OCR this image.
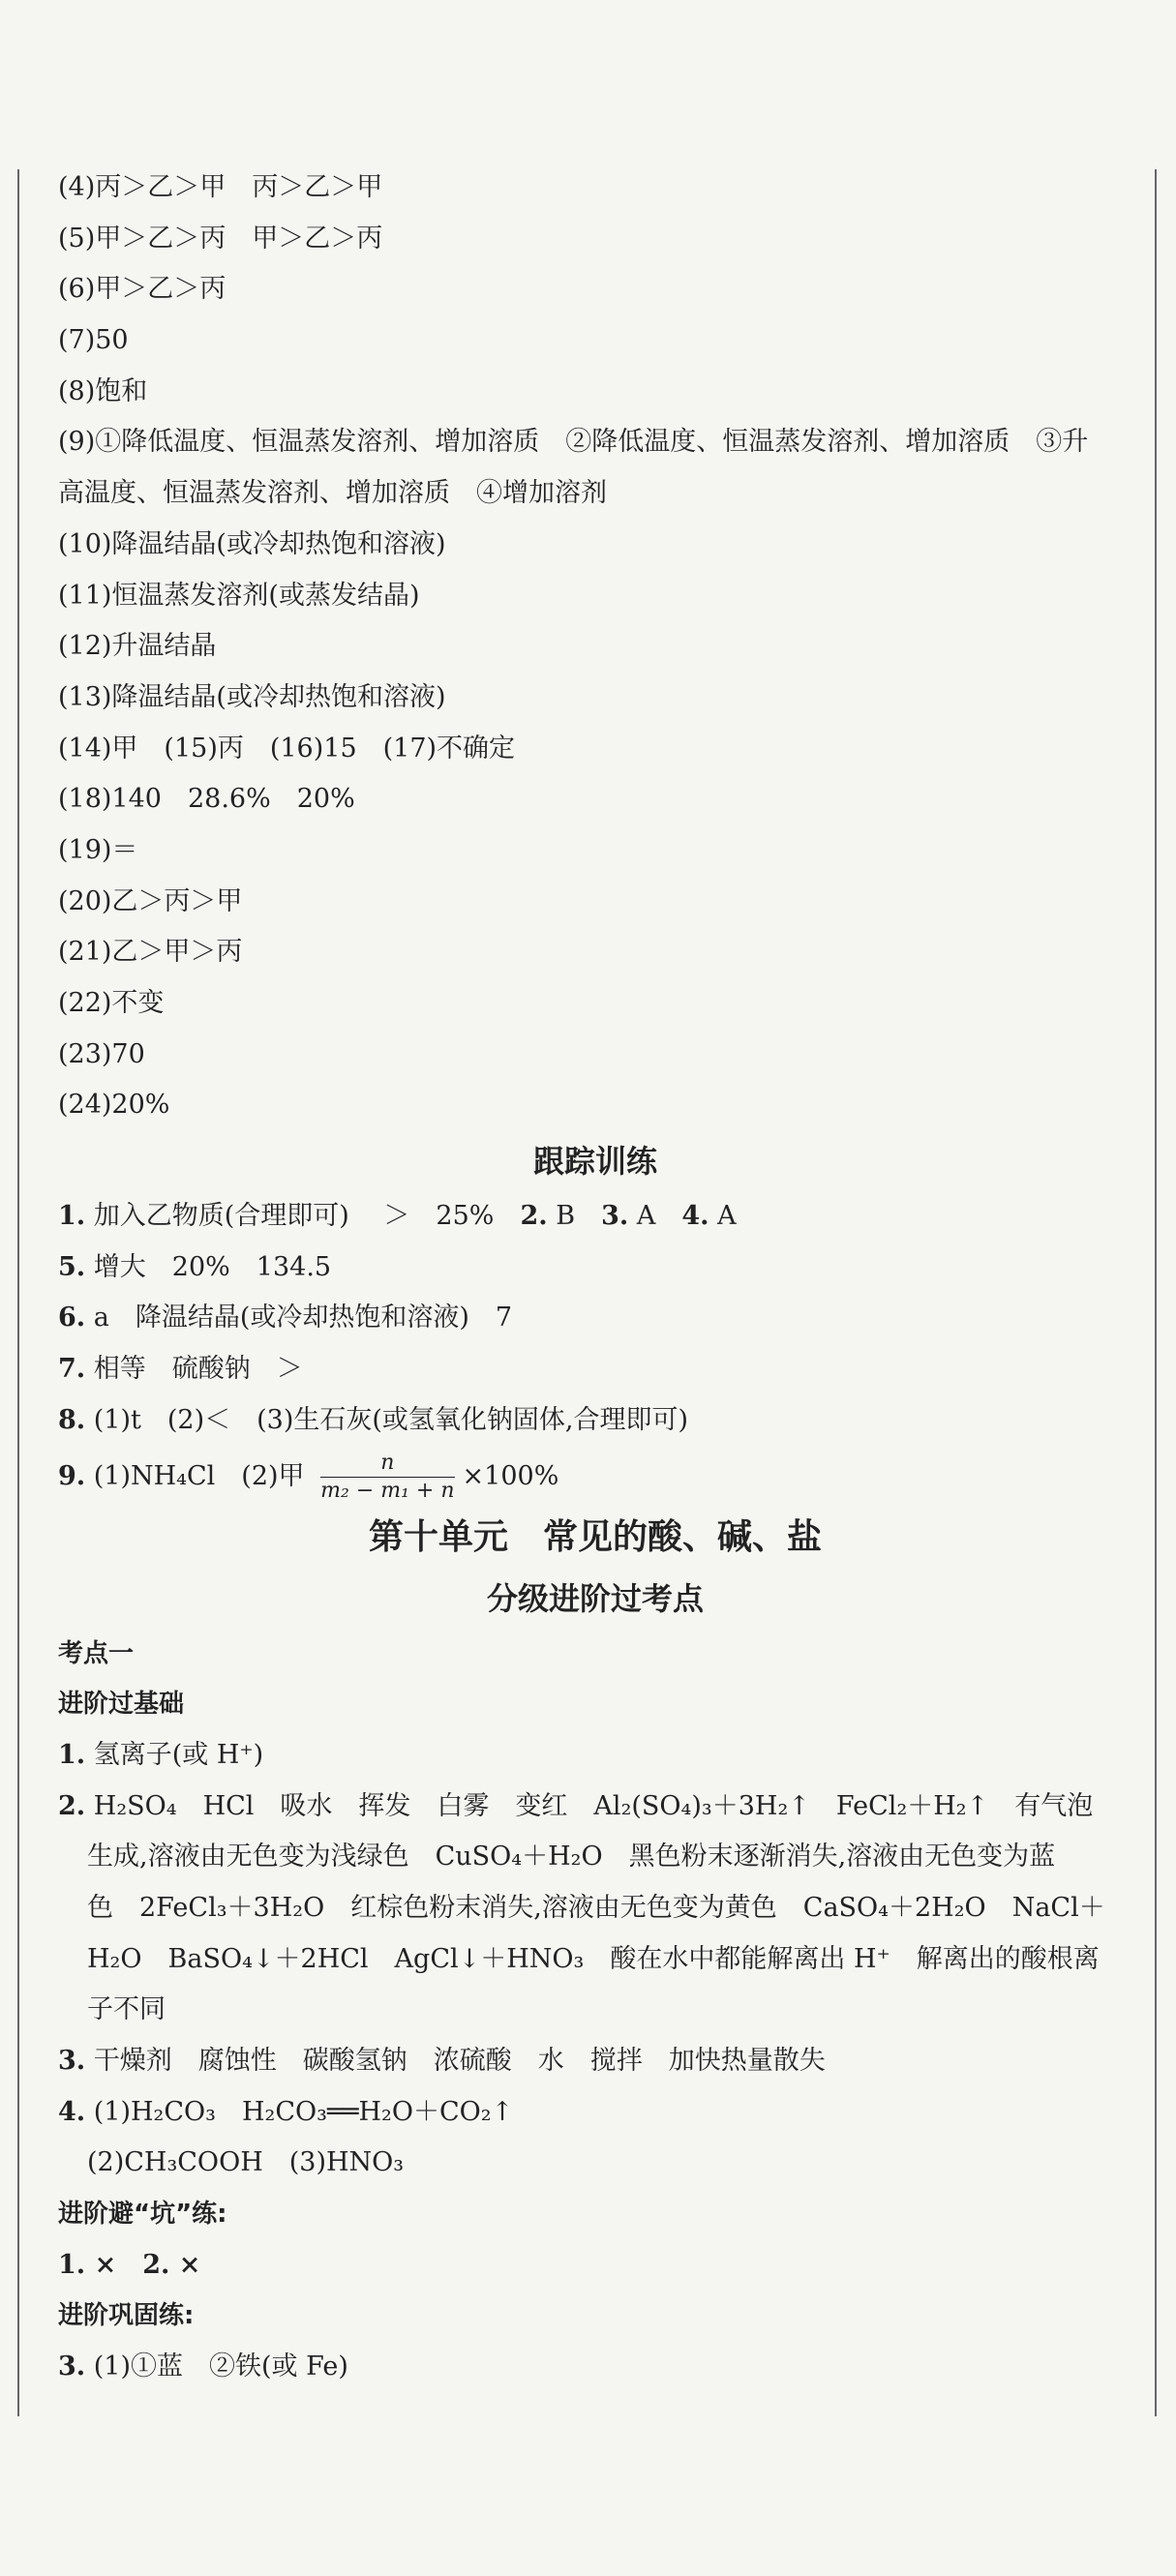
(4)丙＞乙＞甲　丙＞乙＞甲
(5)甲＞乙＞丙　甲＞乙＞丙
(6)甲＞乙＞丙
(7)50
(8)饱和
(9)①降低温度、恒温蒸发溶剂、增加溶质　②降低温度、恒温蒸发溶剂、增加溶质　③升
高温度、恒温蒸发溶剂、增加溶质　④增加溶剂
(10)降温结晶(或冷却热饱和溶液)
(11)恒温蒸发溶剂(或蒸发结晶)
(12)升温结晶
(13)降温结晶(或冷却热饱和溶液)
(14)甲　(15)丙　(16)15　(17)不确定
(18)140　28.6%　20%
(19)＝
(20)乙＞丙＞甲
(21)乙＞甲＞丙
(22)不变
(23)70
(24)20%
跟踪训练
1. 加入乙物质(合理即可)　 ＞　25%　2. B　3. A　4. A
5. 增大　20%　134.5
6. a　降温结晶(或冷却热饱和溶液)　7
7. 相等　硫酸钠　＞
8. (1)t　(2)＜　(3)生石灰(或氢氧化钠固体,合理即可)
9. (1)NH₄Cl　(2)甲 $\frac{n}{\text{m₂ − m₁ + n}} \times 100\%$
第十单元　常见的酸、碱、盐
分级进阶过考点
考点一
进阶过基础
1. 氢离子(或 H⁺)
2. H₂SO₄　HCl　吸水　挥发　白雾　变红　Al₂(SO₄)₃＋3H₂↑　FeCl₂＋H₂↑　有气泡
生成,溶液由无色变为浅绿色　CuSO₄＋H₂O　黑色粉末逐渐消失,溶液由无色变为蓝
色　2FeCl₃＋3H₂O　红棕色粉末消失,溶液由无色变为黄色　CaSO₄＋2H₂O　NaCl＋
H₂O　BaSO₄↓＋2HCl　AgCl↓＋HNO₃　酸在水中都能解离出 H⁺　解离出的酸根离
子不同
3. 干燥剂　腐蚀性　碳酸氢钠　浓硫酸　水　搅拌　加快热量散失
4. (1)H₂CO₃　H₂CO₃══H₂O＋CO₂↑
(2)CH₃COOH　(3)HNO₃
进阶避“坑”练:
1. ×　2. ×
进阶巩固练:
3. (1)①蓝　②铁(或 Fe)
